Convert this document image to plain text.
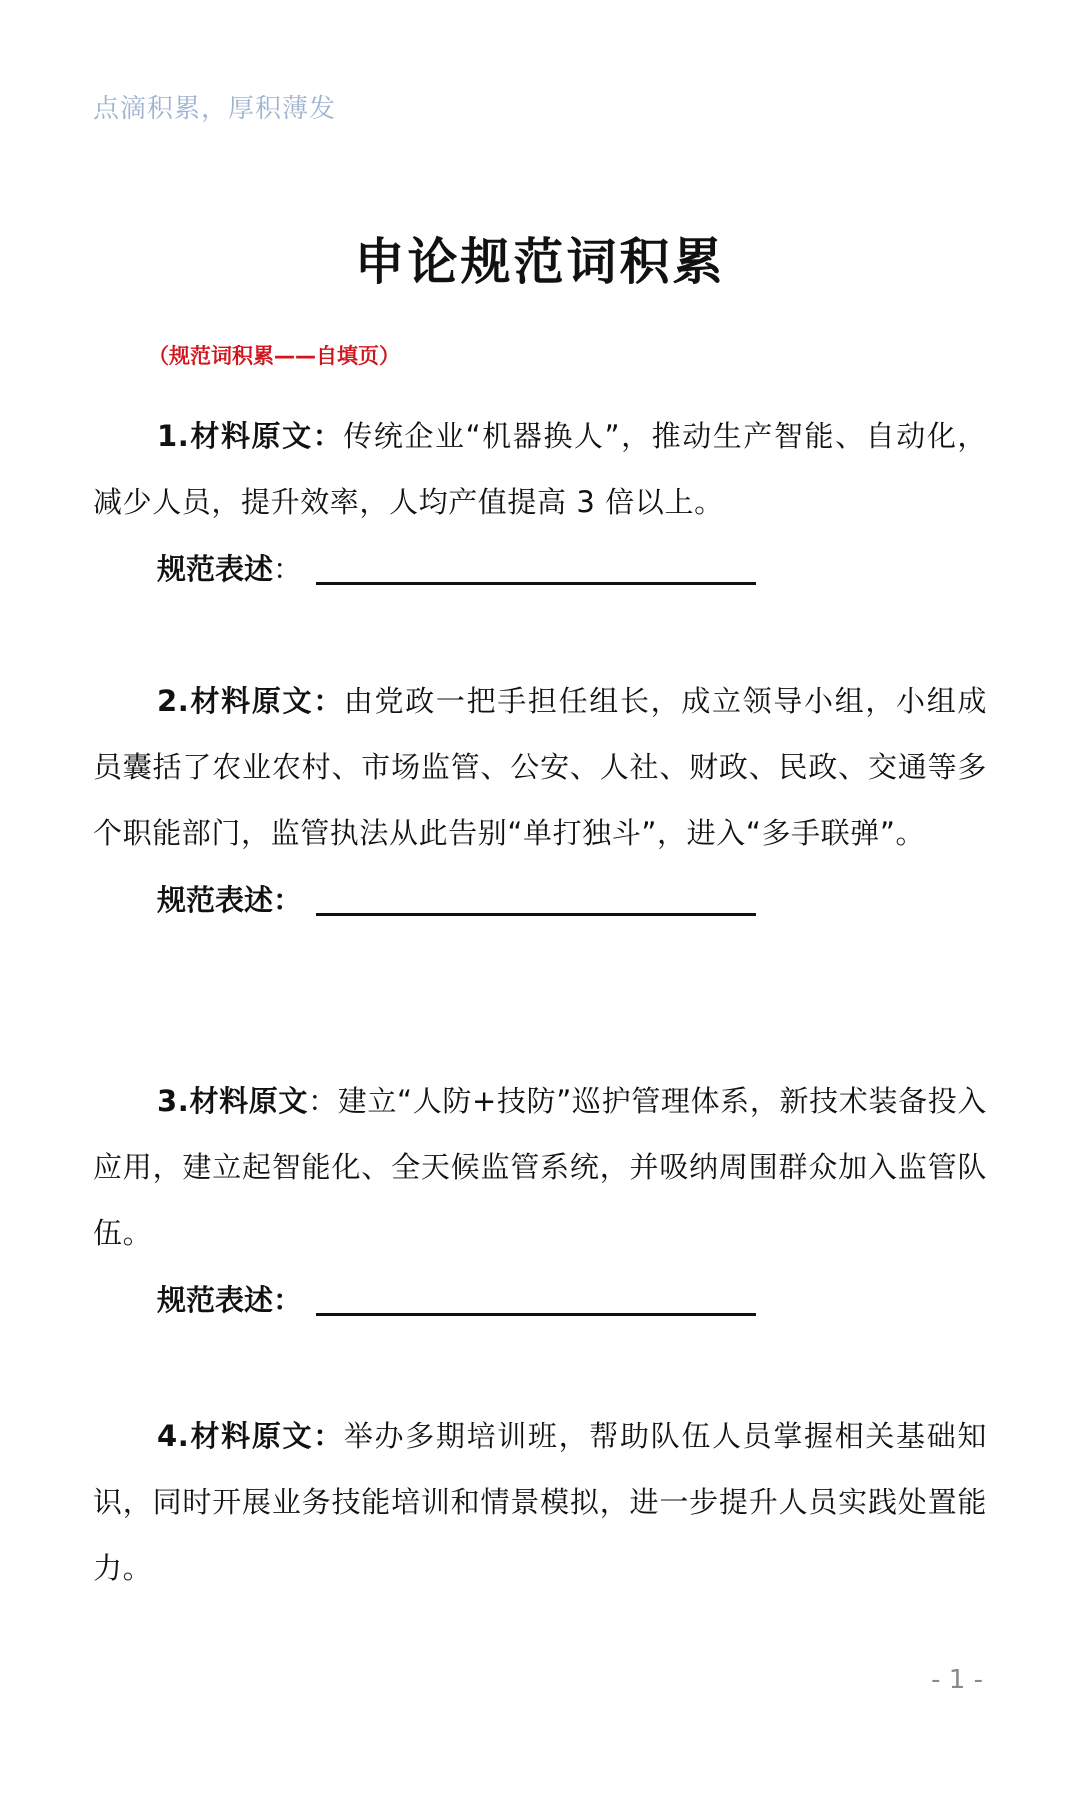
点滴积累，厚积薄发
申论规范词积累
（规范词积累——自填页）

1.材料原文：传统企业“机器换人”，推动生产智能、自动化，减少人员，提升效率，人均产值提高 3 倍以上。

规范表述 ：

2.材料原文：由党政一把手担任组长，成立领导小组，小组成员囊括了农业农村、市场监管、公安、人社、财政、民政、交通等多个职能部门，监管执法从此告别“单打独斗”，进入“多手联弹”。

规范表述 ：

3.材料原文：建立“人防+技防”巡护管理体系，新技术装备投入应用，建立起智能化、全天候监管系统，并吸纳周围群众加入监管队伍。

规范表述 ：

4.材料原文：举办多期培训班，帮助队伍人员掌握相关基础知识，同时开展业务技能培训和情景模拟，进一步提升人员实践处置能力。

- 1 -
